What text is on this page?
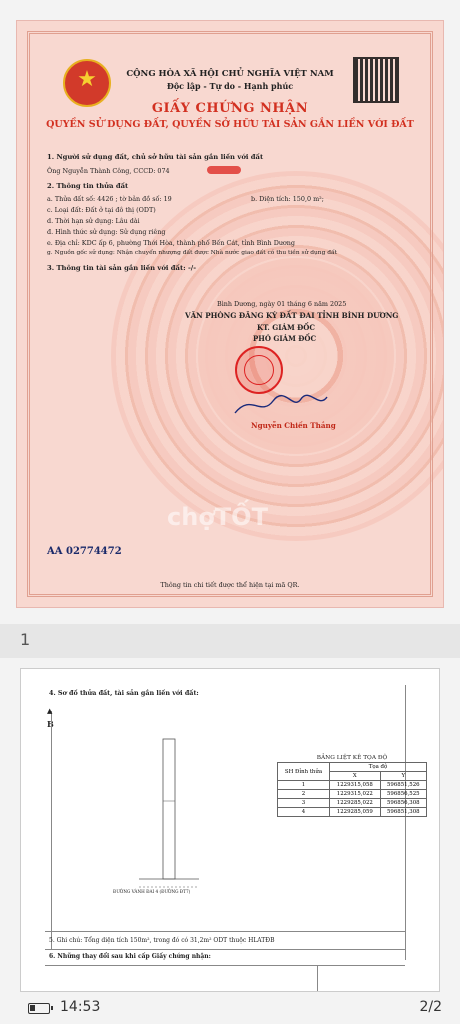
★	CỘNG HÒA XÃ HỘI CHỦ NGHĨA VIỆT NAM
Độc lập - Tự do - Hạnh phúc
GIẤY CHỨNG NHẬN
QUYỀN SỬ DỤNG ĐẤT, QUYỀN SỞ HỮU TÀI SẢN GẮN LIỀN VỚI ĐẤT
1. Người sử dụng đất, chủ sở hữu tài sản gắn liền với đất
Ông Nguyễn Thành Công, CCCD: 074
2. Thông tin thửa đất
a. Thửa đất số: 4426 ; tờ bản đồ số: 19	b. Diện tích: 150,0 m²;
c. Loại đất: Đất ở tại đô thị (ODT)
d. Thời hạn sử dụng: Lâu dài
đ. Hình thức sử dụng: Sử dụng riêng
e. Địa chỉ: KDC ấp 6, phường Thới Hòa, thành phố Bến Cát, tỉnh Bình Dương
g. Nguồn gốc sử dụng: Nhận chuyển nhượng đất được Nhà nước giao đất có thu tiền sử dụng đất
3. Thông tin tài sản gắn liền với đất: -/-
Bình Dương, ngày 01 tháng 6 năm 2025
VĂN PHÒNG ĐĂNG KÝ ĐẤT ĐAI TỈNH BÌNH DƯƠNG
KT. GIÁM ĐỐC
PHÓ GIÁM ĐỐC
Nguyễn Chiến Thắng
chợTỐT
AA 02774472
Thông tin chi tiết được thể hiện tại mã QR.
1
4. Sơ đồ thửa đất, tài sản gắn liền với đất:
B
▲
ĐƯỜNG VÀNH ĐAI 4 (ĐƯỜNG ĐT7)
BẢNG LIỆT KÊ TỌA ĐỘ
SH Đỉnh thửa	Tọa độ	
	X	Y
1	1229315,058	596851,526
2	1229315,022	596856,525
3	1229285,022	596856,308
4	1229285,059	596851,308
5. Ghi chú: Tổng diện tích 150m², trong đó có 31,2m² ODT thuộc HLATĐB
6. Những thay đổi sau khi cấp Giấy chứng nhận:
14:53	2/2
